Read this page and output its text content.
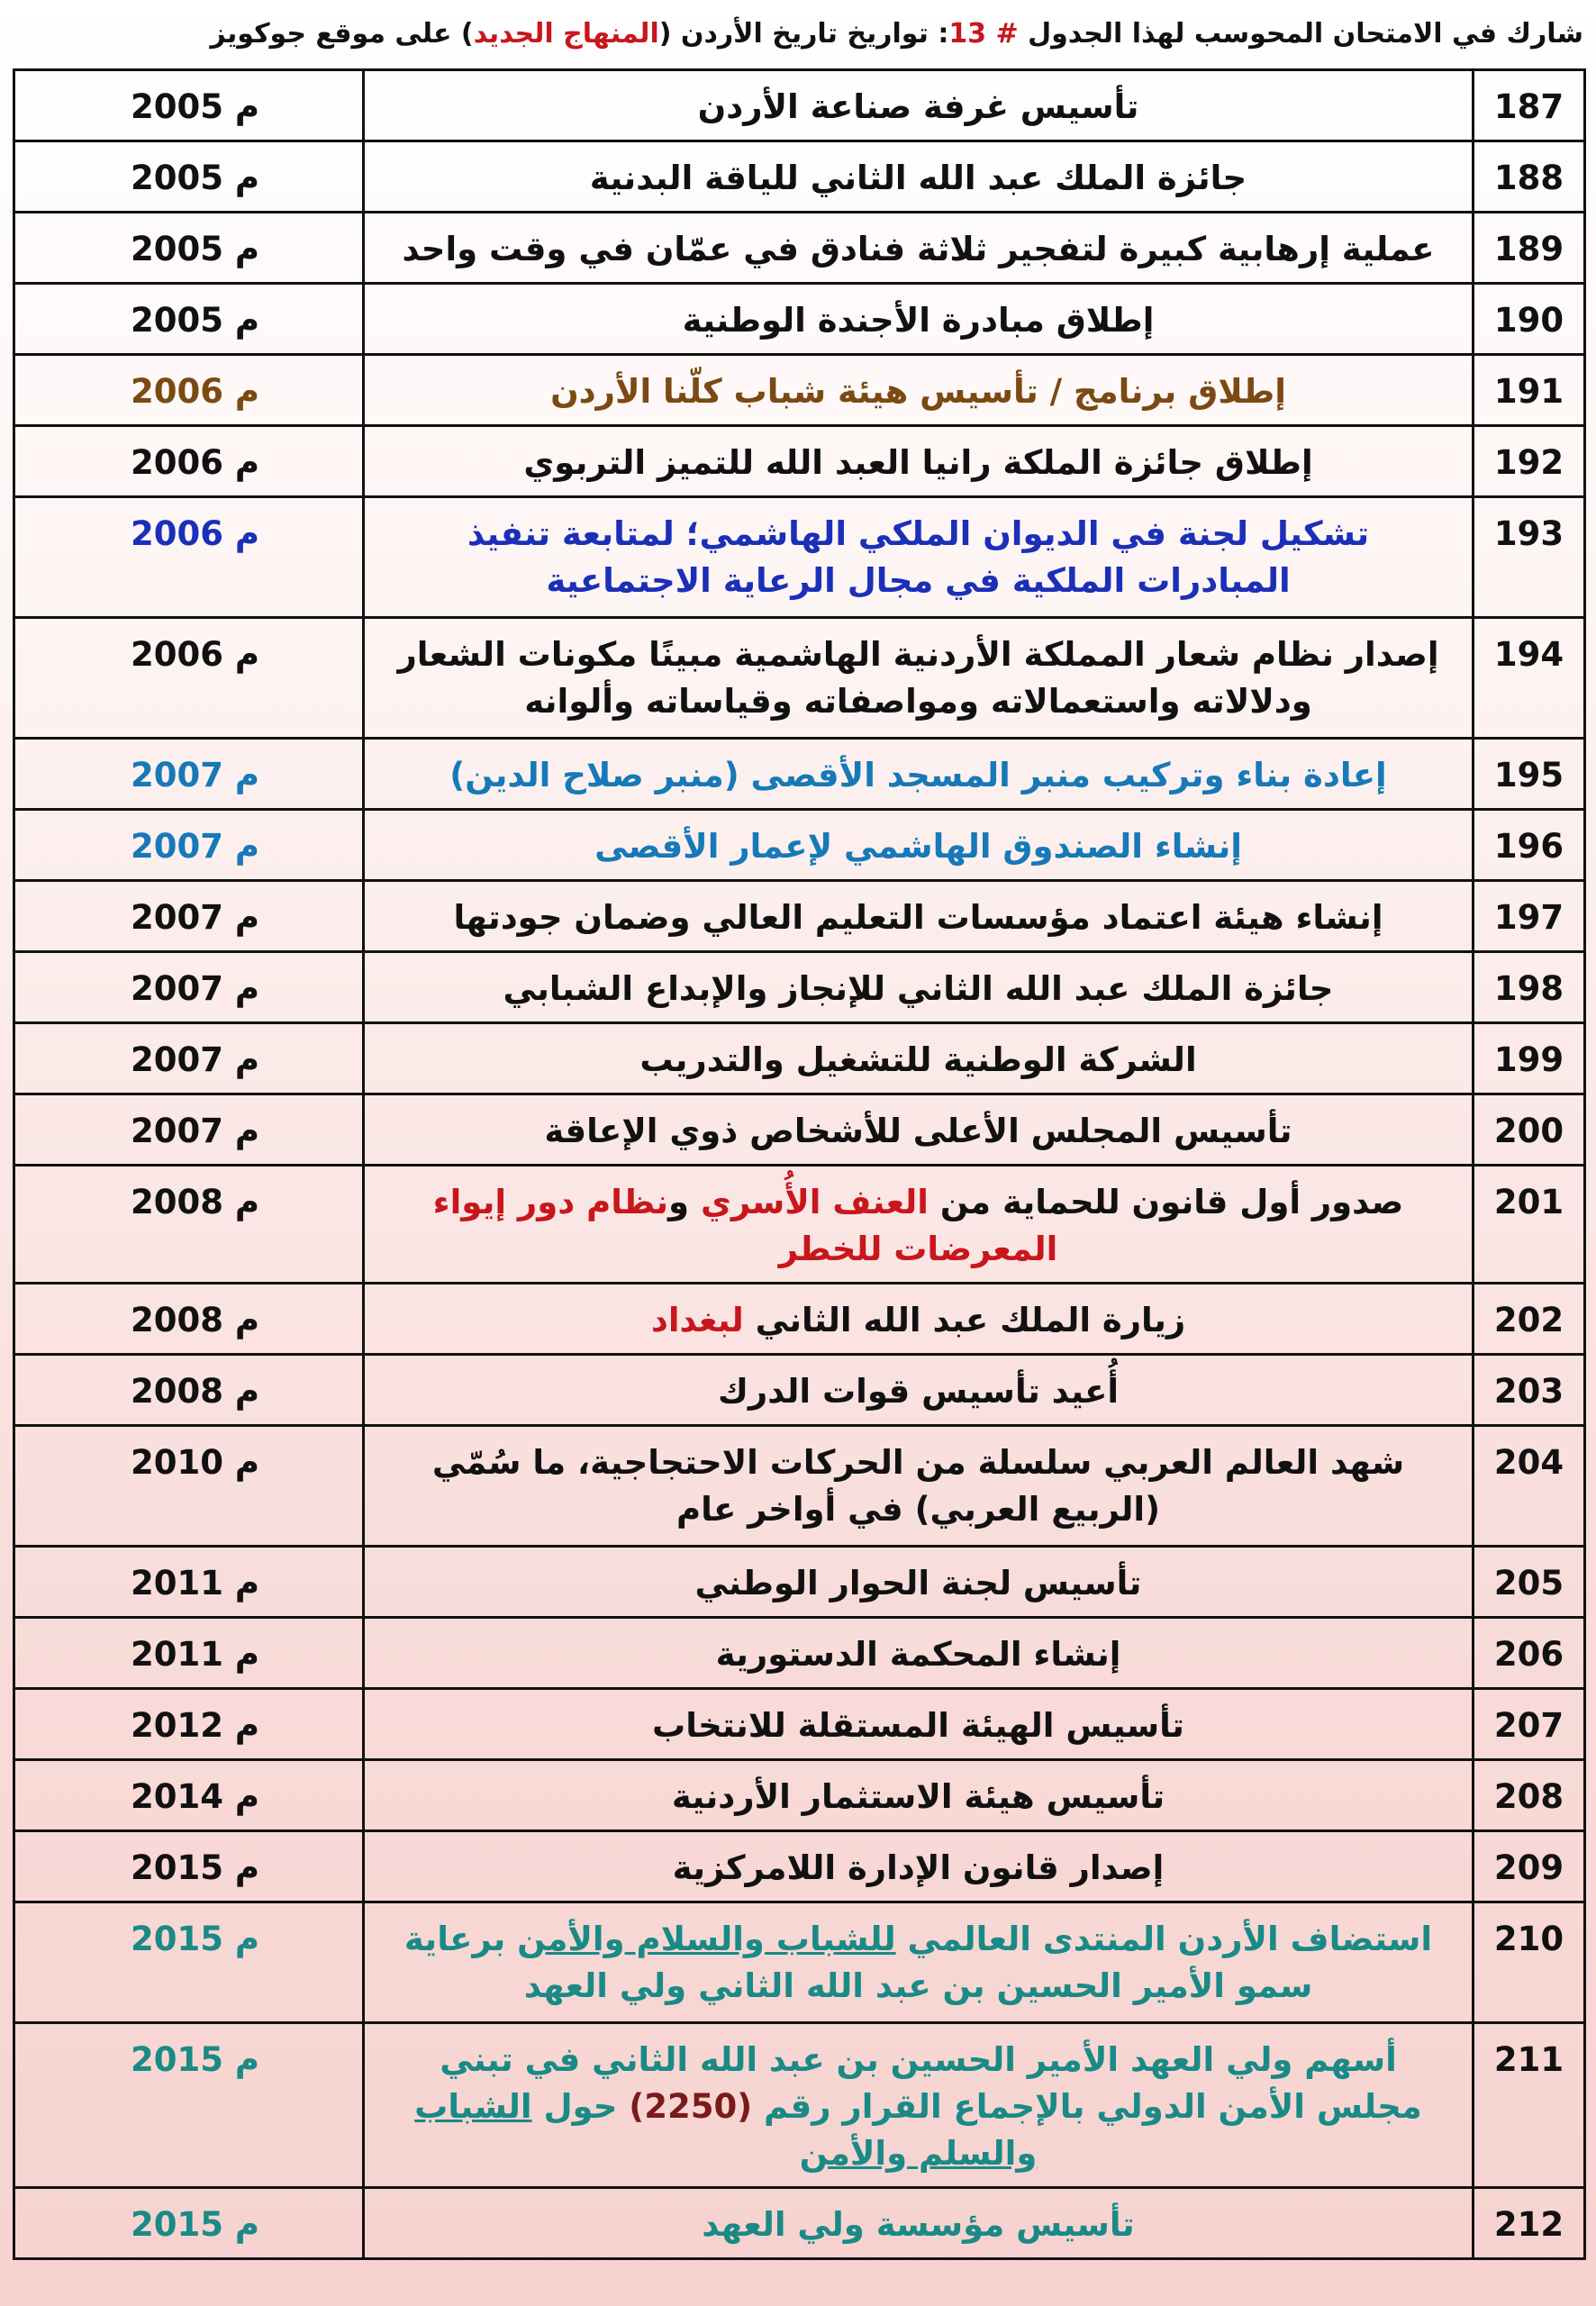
شارك في الامتحان المحوسب لهذا الجدول # 13: تواريخ تاريخ الأردن (المنهاج الجديد) على موقع جوكويز
187	تأسيس غرفة صناعة الأردن	2005 م
188	جائزة الملك عبد الله الثاني للياقة البدنية	2005 م
189	عملية إرهابية كبيرة لتفجير ثلاثة فنادق في عمّان في وقت واحد	2005 م
190	إطلاق مبادرة الأجندة الوطنية	2005 م
191	إطلاق برنامج / تأسيس هيئة شباب كلّنا الأردن	2006 م
192	إطلاق جائزة الملكة رانيا العبد الله للتميز التربوي	2006 م
193	تشكيل لجنة في الديوان الملكي الهاشمي؛ لمتابعة تنفيذ المبادرات الملكية في مجال الرعاية الاجتماعية	2006 م
194	إصدار نظام شعار المملكة الأردنية الهاشمية مبينًا مكونات الشعار ودلالاته واستعمالاته ومواصفاته وقياساته وألوانه	2006 م
195	إعادة بناء وتركيب منبر المسجد الأقصى (منبر صلاح الدين)	2007 م
196	إنشاء الصندوق الهاشمي لإعمار الأقصى	2007 م
197	إنشاء هيئة اعتماد مؤسسات التعليم العالي وضمان جودتها	2007 م
198	جائزة الملك عبد الله الثاني للإنجاز والإبداع الشبابي	2007 م
199	الشركة الوطنية للتشغيل والتدريب	2007 م
200	تأسيس المجلس الأعلى للأشخاص ذوي الإعاقة	2007 م
201	صدور أول قانون للحماية من العنف الأُسري ونظام دور إيواء المعرضات للخطر	2008 م
202	زيارة الملك عبد الله الثاني لبغداد	2008 م
203	أُعيد تأسيس قوات الدرك	2008 م
204	شهد العالم العربي سلسلة من الحركات الاحتجاجية، ما سُمّي (الربيع العربي) في أواخر عام	2010 م
205	تأسيس لجنة الحوار الوطني	2011 م
206	إنشاء المحكمة الدستورية	2011 م
207	تأسيس الهيئة المستقلة للانتخاب	2012 م
208	تأسيس هيئة الاستثمار الأردنية	2014 م
209	إصدار قانون الإدارة اللامركزية	2015 م
210	استضاف الأردن المنتدى العالمي للشباب والسلام والأمن برعاية سمو الأمير الحسين بن عبد الله الثاني ولي العهد	2015 م
211	أسهم ولي العهد الأمير الحسين بن عبد الله الثاني في تبني مجلس الأمن الدولي بالإجماع القرار رقم (2250) حول الشباب والسلم والأمن	2015 م
212	تأسيس مؤسسة ولي العهد	2015 م
